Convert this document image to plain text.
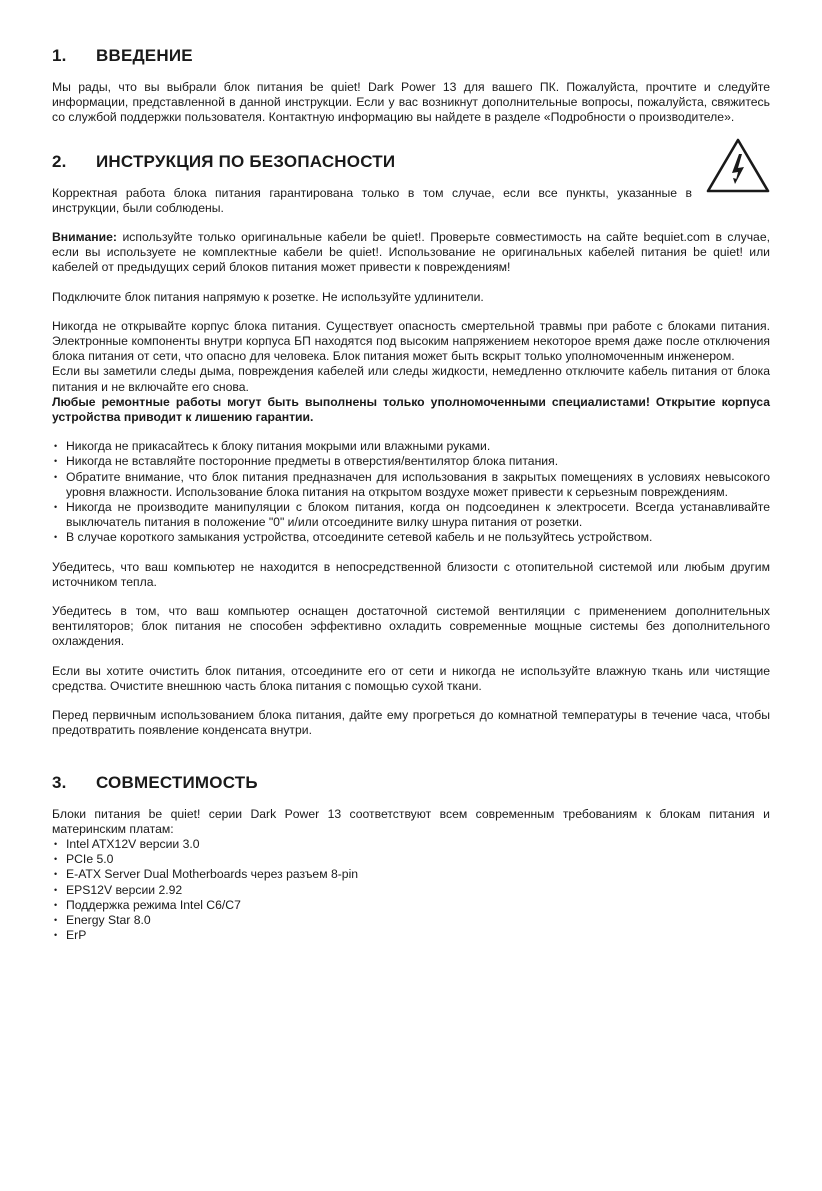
1.	ВВЕДЕНИЕ

Мы рады, что вы выбрали блок питания be quiet! Dark Power 13 для вашего ПК. Пожалуйста, прочтите и следуйте информации, представленной в данной инструкции. Если у вас возникнут дополнительные вопросы, пожалуйста, свяжитесь со службой поддержки пользователя. Контактную информацию вы найдете в разделе «Подробности о производителе».

2.	ИНСТРУКЦИЯ ПО БЕЗОПАСНОСТИ

Корректная работа блока питания гарантирована только в том случае, если все пункты, указанные в инструкции, были соблюдены.

Внимание: используйте только оригинальные кабели be quiet!. Проверьте совместимость на сайте bequiet.com в случае, если вы используете не комплектные кабели be quiet!. Использование не оригинальных кабелей питания be quiet! или кабелей от предыдущих серий блоков питания может привести к повреждениям!

Подключите блок питания напрямую к розетке. Не используйте удлинители.

Никогда не открывайте корпус блока питания. Существует опасность смертельной травмы при работе с блоками питания. Электронные компоненты внутри корпуса БП находятся под высоким напряжением некоторое время даже после отключения блока питания от сети, что опасно для человека. Блок питания может быть вскрыт только уполномоченным инженером.

Если вы заметили следы дыма, повреждения кабелей или следы жидкости, немедленно отключите кабель питания от блока питания и не включайте его снова.

Любые ремонтные работы могут быть выполнены только уполномоченными специалистами! Открытие корпуса устройства приводит к лишению гарантии.

• Никогда не прикасайтесь к блоку питания мокрыми или влажными руками.
• Никогда не вставляйте посторонние предметы в отверстия/вентилятор блока питания.
• Обратите внимание, что блок питания предназначен для использования в закрытых помещениях в условиях невысокого уровня влажности. Использование блока питания на открытом воздухе может привести к серьезным повреждениям.
• Никогда не производите манипуляции с блоком питания, когда он подсоединен к электросети. Всегда устанавливайте выключатель питания в положение "0" и/или отсоедините вилку шнура питания от розетки.
• В случае короткого замыкания устройства, отсоедините сетевой кабель и не пользуйтесь устройством.

Убедитесь, что ваш компьютер не находится в непосредственной близости с отопительной системой или любым другим источником тепла.

Убедитесь в том, что ваш компьютер оснащен достаточной системой вентиляции с применением дополнительных вентиляторов; блок питания не способен эффективно охладить современные мощные системы без дополнительного охлаждения.

Если вы хотите очистить блок питания, отсоедините его от сети и никогда не используйте влажную ткань или чистящие средства. Очистите внешнюю часть блока питания с помощью сухой ткани.

Перед первичным использованием блока питания, дайте ему прогреться до комнатной температуры в течение часа, чтобы предотвратить появление конденсата внутри.

3.	СОВМЕСТИМОСТЬ

Блоки питания be quiet! серии Dark Power 13 соответствуют всем современным требованиям к блокам питания и материнским платам:

• Intel ATX12V версии 3.0
• PCIe 5.0
• E-ATX Server Dual Motherboards через разъем 8-pin
• EPS12V версии 2.92
• Поддержка режима Intel C6/C7
• Energy Star 8.0
• ErP
